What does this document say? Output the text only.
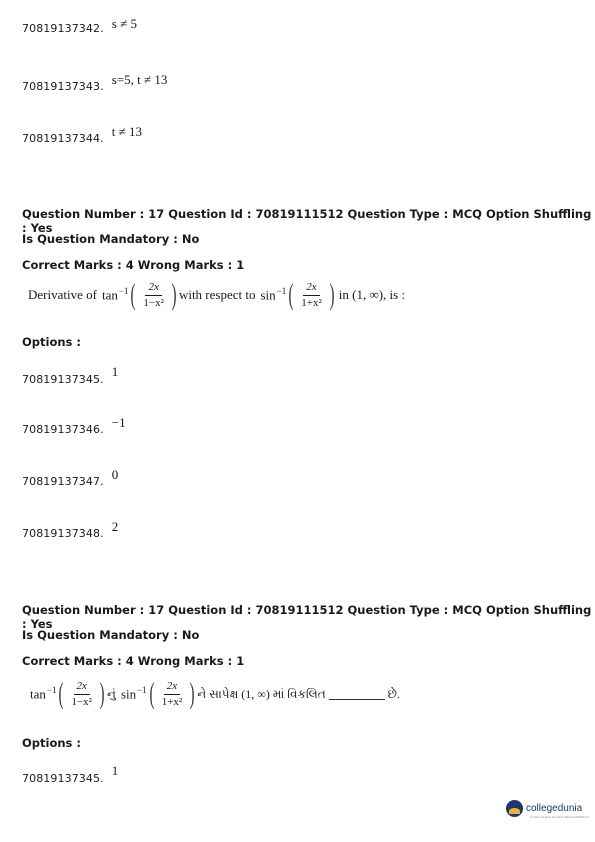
70819137342. $^{s \ne 5}$
$_{70819137343.}$ s=5, t ≠ 13
$_{70819137344.}$ t ≠ 13
Question Number : 17 Question Id : 70819111512 Question Type : MCQ Option Shuffling : Yes
Is Question Mandatory : No
Correct Marks : 4 Wrong Marks : 1
Derivative of $\tan^{-1}$ ( $\frac{2x}{\text{1−x²}}$ ) with respect to $\sin^{-1}$ ( $\frac{2x}{\text{1+x²}}$ ) in (1, ∞), is :
Options :
$_{70819137345.}$ 1
$_{70819137346.}$ −1
$_{70819137347.}$ 0
$_{70819137348.}$ 2
Question Number : 17 Question Id : 70819111512 Question Type : MCQ Option Shuffling : Yes
Is Question Mandatory : No
Correct Marks : 4 Wrong Marks : 1
$\tan^{-1}$ ( $\frac{2x}{\text{1−x²}}$ ) નું $\sin^{-1}$ ( $\frac{2x}{\text{1+x²}}$ ) ને સાપેક્ષ (1, ∞) માં વિકલિત	છે.
Options :
$_{70819137345.}$ 1
collegedunia
India's largest Student Review Platform
